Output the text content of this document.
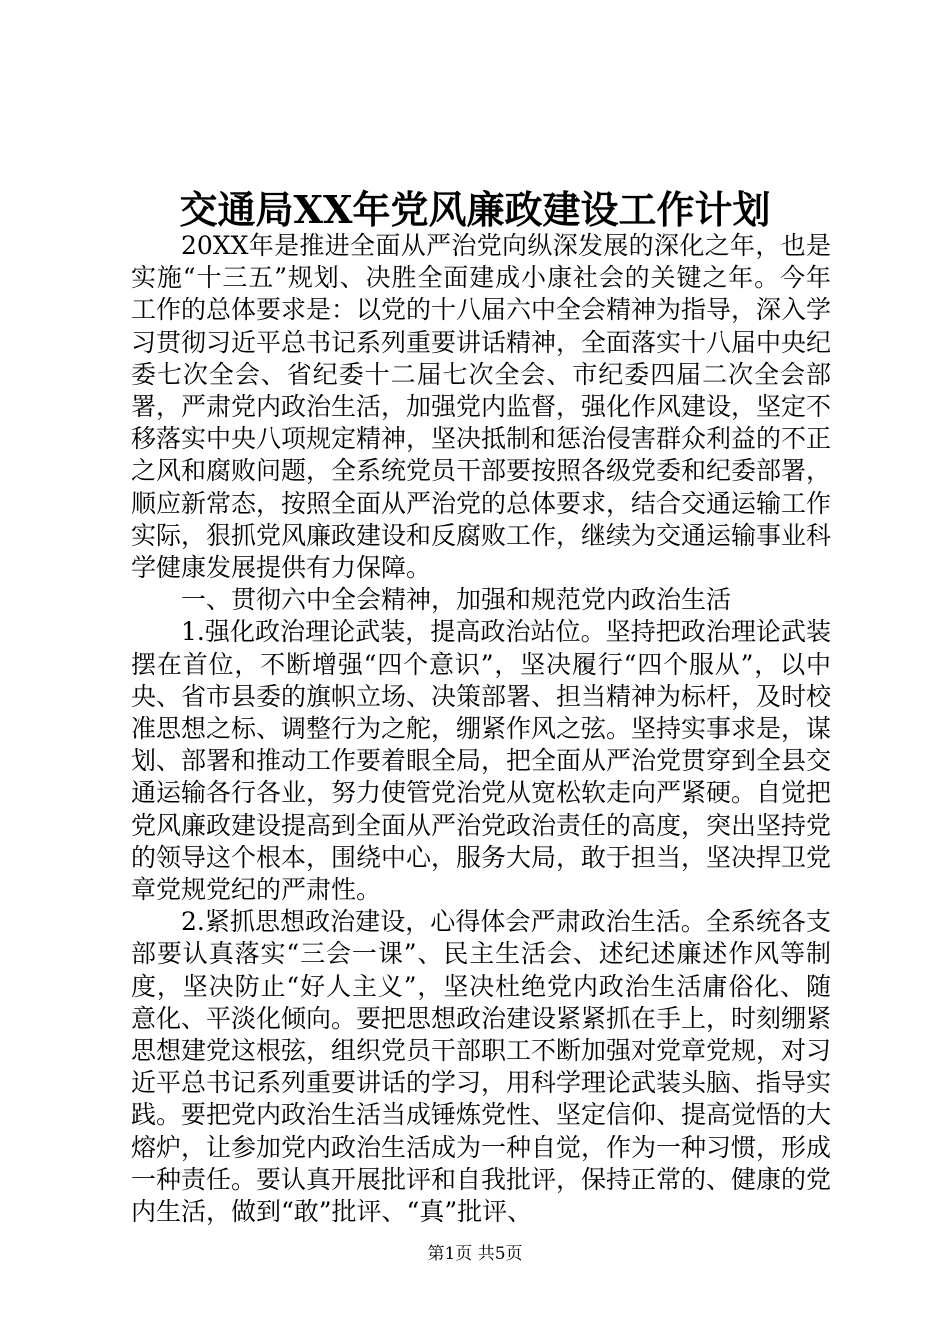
交通局XX年党风廉政建设工作计划

20XX年是推进全面从严治党向纵深发展的深化之年，也是实施“十三五”规划、决胜全面建成小康社会的关键之年。今年工作的总体要求是：以党的十八届六中全会精神为指导，深入学习贯彻习近平总书记系列重要讲话精神，全面落实十八届中央纪委七次全会、省纪委十二届七次全会、市纪委四届二次全会部署，严肃党内政治生活，加强党内监督，强化作风建设，坚定不移落实中央八项规定精神，坚决抵制和惩治侵害群众利益的不正之风和腐败问题，全系统党员干部要按照各级党委和纪委部署，顺应新常态，按照全面从严治党的总体要求，结合交通运输工作实际，狠抓党风廉政建设和反腐败工作，继续为交通运输事业科学健康发展提供有力保障。

一、贯彻六中全会精神，加强和规范党内政治生活

1.强化政治理论武装，提高政治站位。坚持把政治理论武装摆在首位，不断增强“四个意识”，坚决履行“四个服从”，以中央、省市县委的旗帜立场、决策部署、担当精神为标杆，及时校准思想之标、调整行为之舵，绷紧作风之弦。坚持实事求是，谋划、部署和推动工作要着眼全局，把全面从严治党贯穿到全县交通运输各行各业，努力使管党治党从宽松软走向严紧硬。自觉把党风廉政建设提高到全面从严治党政治责任的高度，突出坚持党的领导这个根本，围绕中心，服务大局，敢于担当，坚决捍卫党章党规党纪的严肃性。

2.紧抓思想政治建设，心得体会严肃政治生活。全系统各支部要认真落实“三会一课”、民主生活会、述纪述廉述作风等制度，坚决防止“好人主义”，坚决杜绝党内政治生活庸俗化、随意化、平淡化倾向。要把思想政治建设紧紧抓在手上，时刻绷紧思想建党这根弦，组织党员干部职工不断加强对党章党规，对习近平总书记系列重要讲话的学习，用科学理论武装头脑、指导实践。要把党内政治生活当成锤炼党性、坚定信仰、提高觉悟的大熔炉，让参加党内政治生活成为一种自觉，作为一种习惯，形成一种责任。要认真开展批评和自我批评，保持正常的、健康的党内生活，做到“敢”批评、“真”批评、

第1页 共5页
